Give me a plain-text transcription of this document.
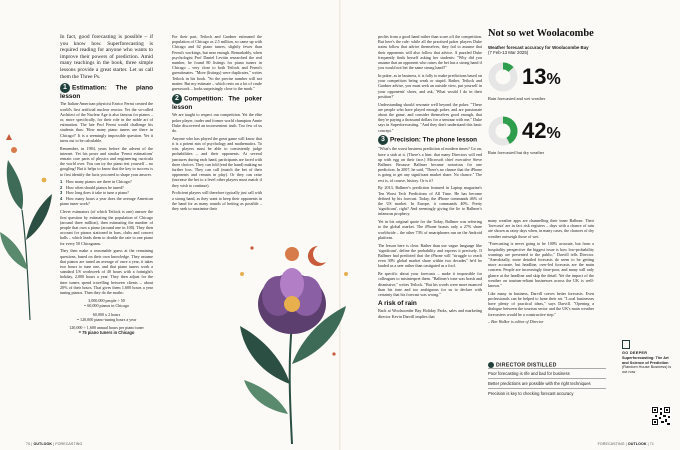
In fact, good forecasting is possible – if you know how. Superforecasting is required reading for anyone who wants to improve their powers of prediction. Amid many teachings in the book, three simple lessons provide a great starter. Let us call them the Three Ps.

1 Estimation: The piano lesson

The Italian-American physicist Enrico Fermi created the world's first artificial nuclear reactor. Yet the so-called Architect of the Nuclear Age is also famous for pianos – or, more specifically, for their role in the noble art of estimation. The late Prof Fermi would challenge his students thus: 'How many piano tuners are there in Chicago?' It is a seemingly impossible question. Yet it turns out to be calculable.

Remember, in 1984, years before the advent of the internet. Yet his poser and similar 'Fermi estimations' remain core parts of physics and engineering curricula the world over. You can try the piano test yourself – no googling! But it helps to know that the key to success is to first identify the facts you need to shape your answer.

1 How many pianos are there in Chicago?
2 How often should pianos be tuned?
3 How long does it take to tune a piano?
4 How many hours a year does the average American piano tuner work?

Clever estimators (of which Tetlock is one) answer the first question by estimating the population of Chicago (around three million), then estimating the number of people that own a piano (around one in 100). They then account for pianos stationed in bars, clubs and concert halls – which leads them to double the rate to one piano for every 50 Chicagoans.

They then make a reasonable guess at the remaining questions, based on their own knowledge. They assume that pianos are tuned an average of once a year, it takes two hours to tune one, and that piano tuners work a standard US workweek of 40 hours with a fortnight's holiday, 2,000 hours a year. They then adjust for the time tuners spend travelling between clients – about 20% of their hours. That gives them 1,600 hours a year tuning pianos. Then they do the maths:

3,000,000 people ÷ 50
= 60,000 pianos in Chicago
60,000 x 2 hours
= 120,000 piano-tuning hours a year
120,000 ÷ 1,600 annual hours per piano tuner
= 75 piano tuners in Chicago

For their part, Tetlock and Gardner estimated the population of Chicago as 2.5 million, so came up with Chicago and 62 piano tuners, slightly fewer than Fermi's workings, but near enough. Remarkably, when psychologist Prof Daniel Levitin researched the real number, he found 80 listings for piano tuners in Chicago – very close to both Tetlock and Fermi's guesstimates. "More (listings) were duplicates," writes Tetlock in his book. "So the precise number will not matter. But my estimate – which rests on a lot of crude guesswork – looks surprisingly close to the mark."

2 Competition: The poker lesson

We are taught to respect our competition. Yet the elite poker player, trader and former world champion Annie Duke discovered an inconvenient truth. Too few of us do.

Anyone who has played the great game will know that it is a potent mix of psychology and mathematics. To win, players must be able to consistently judge probabilities – and their opponents. At several junctures during each hand, participants are faced with three choices. They can fold (end the hand) making no further loss. They can call (match the bet of their opponents and remain in play). Or they can raise (increase the bet to a level other players must match if they wish to continue).

Proficient players will therefore typically just call with a strong hand, as they want to keep their opponents in the hand for as many rounds of betting as possible – they seek to maximise their

profits from a good hand rather than scare off the competition. But here's the rule: while all the practised poker players Duke trains follow that advice themselves, they fail to assume that their opponents will also follow that advice. A puzzled Duke frequently finds herself asking her students: "Why did you assume that an opponent who raises the bet has a strong hand if you would not bet the same strong hand?"

In poker, as in business, it is folly to make predictions based on your competitors being weak or stupid. Rather, Tetlock and Gardner advise, you must seek an outside view, put yourself in your opponents' shoes, and ask, 'What would I do in their position?'

Understanding should resonate well beyond the poker. "These are people who have played enough poker, and are passionate about the game, and consider themselves good enough, that they're paying a thousand dollars for a seminar with me," Duke says in Superforecasting. "And they don't understand this basic concept."

3 Precision: The phone lesson

"What's the worst business prediction of modern times? Go on, have a stab at it. (There's a hint: that many Directors will end up with egg on their face.) Microsoft chief executive Steve Ballmer. Because Ballmer became notorious for one prediction. In 2007, he said, "There's no chance that the iPhone is going to get any significant market share. No chance." The rest is, of course, history. Or is it?

By 2013, Ballmer's prediction featured in Laptop magazine's Ten Worst Tech Predictions of All Time. He has become defined by his forecast. Today, the iPhone commands 46% of the US market. In Europe, it commands 40%. Pretty 'significant', right? And seemingly giving the lie to Ballmer's infamous prophecy.

Yet in his original quote for the Today, Ballmer was referring to the global market. The iPhone boasts only a 27% share worldwide – the other 73% of smartphones run on the Android platform.

The lesson here is clear. Rather than use vague language like 'significant', define the probability and express it precisely. If Ballmer had predicted that the iPhone will "struggle to reach even 30% global market share within two decades" he'd be lauded as a seer rather than castigated as a fool.

Be specific about your forecasts – make it impossible for colleagues to misinterpret them. "Ballmer's tone was brash and dismissive," writes Tetlock. "But his words were more nuanced than his tone and too ambiguous for us to declare with certainty that his forecast was wrong."

A risk of rain

Back at Woolacombe Bay Holiday Parks, sales and marketing director Kevin Darvill implies that

many weather apps are channelling their inner Ballmer. Their 'forecasts' are in fact risk registers – days with a chance of rain are shown as rainy days when, in many cases, the chances of dry weather outweigh those of wet.

"Forecasting is never going to be 100% accurate, but from a hospitality perspective the biggest issue is how low-probability warnings are presented to the public," Darvill tells Director. "Anecdotally, more detailed forecasts do seem to be getting more accurate, but headline, over-led forecasts are the main concern. People are increasingly time-poor, and many will only glance at the headline and skip the detail. Yet the impact of the weather on tourism-reliant businesses across the UK is well-known."

Like many in business, Darvill craves better forecasts. Even professionals can be helped to hone their art. "Local businesses have plenty of practical ideas," says Darvill. "Opening a dialogue between the tourism sector and the UK's main weather forecasters would be a constructive step."

– Ben Walker is editor of Director

Not so wet Woolacombe
Weather forecast accuracy for Woolacombe Bay
(7 Feb-13 Mar 2025)
13%
Rain forecasted and wet weather
42%
Rain forecasted but dry weather
DIRECTOR DISTILLED
Poor forecasting is rife and bad for business
Better predictions are possible with the right techniques
Precision is key to checking forecast accuracy
GO DEEPER
Superforecasting: The Art and Science of Prediction
(Random House Business) is out now
70 | OUTLOOK | FORECASTING	FORECASTING | OUTLOOK | 71
